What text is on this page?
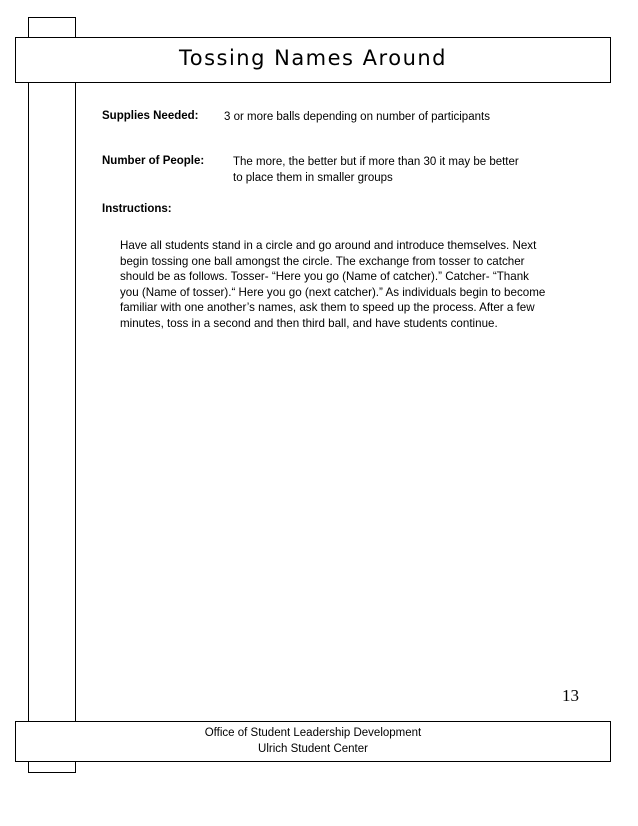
Tossing Names Around
Supplies Needed: 3 or more balls depending on number of participants
Number of People:	The more, the better but if more than 30 it may be better
to place them in smaller groups
Instructions:
Have all students stand in a circle and go around and introduce themselves. Next
begin tossing one ball amongst the circle. The exchange from tosser to catcher
should be as follows. Tosser- “Here you go (Name of catcher).” Catcher- “Thank
you (Name of tosser).“ Here you go (next catcher).” As individuals begin to become
familiar with one another’s names, ask them to speed up the process. After a few
minutes, toss in a second and then third ball, and have students continue.
13
Office of Student Leadership Development
Ulrich Student Center
